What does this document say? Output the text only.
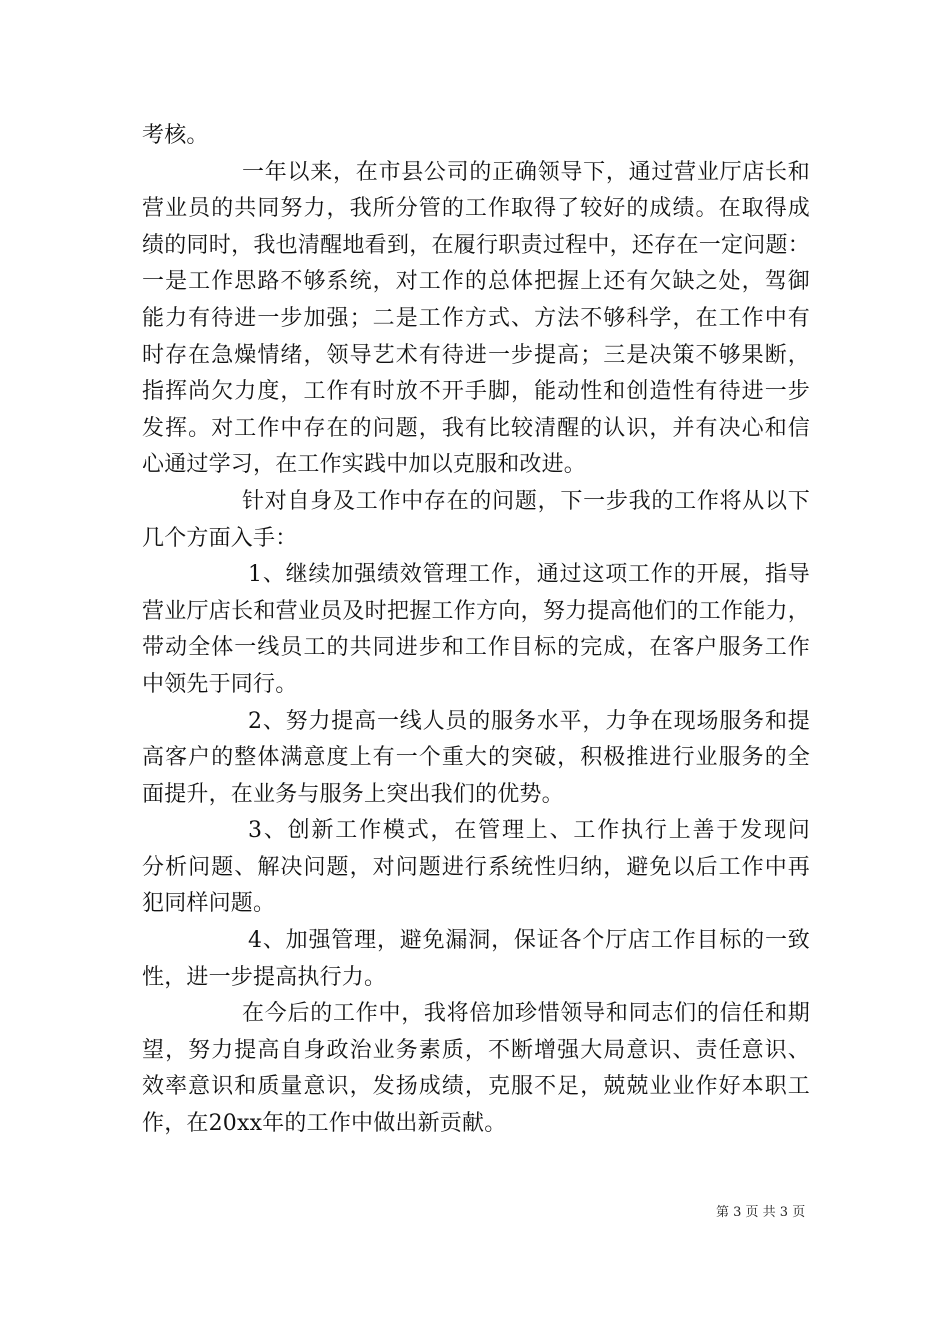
考核。
一年以来，在市县公司的正确领导下，通过营业厅店长和
营业员的共同努力，我所分管的工作取得了较好的成绩。在取得成
绩的同时，我也清醒地看到，在履行职责过程中，还存在一定问题：
一是工作思路不够系统，对工作的总体把握上还有欠缺之处，驾御
能力有待进一步加强；二是工作方式、方法不够科学，在工作中有
时存在急燥情绪，领导艺术有待进一步提高；三是决策不够果断，
指挥尚欠力度，工作有时放不开手脚，能动性和创造性有待进一步
发挥。对工作中存在的问题，我有比较清醒的认识，并有决心和信
心通过学习，在工作实践中加以克服和改进。
针对自身及工作中存在的问题，下一步我的工作将从以下
几个方面入手：
1、继续加强绩效管理工作，通过这项工作的开展，指导
营业厅店长和营业员及时把握工作方向，努力提高他们的工作能力，
带动全体一线员工的共同进步和工作目标的完成，在客户服务工作
中领先于同行。
2、努力提高一线人员的服务水平，力争在现场服务和提
高客户的整体满意度上有一个重大的突破，积极推进行业服务的全
面提升，在业务与服务上突出我们的优势。
3、创新工作模式，在管理上、工作执行上善于发现问
分析问题、解决问题，对问题进行系统性归纳，避免以后工作中再
犯同样问题。
4、加强管理，避免漏洞，保证各个厅店工作目标的一致
性，进一步提高执行力。
在今后的工作中，我将倍加珍惜领导和同志们的信任和期
望，努力提高自身政治业务素质，不断增强大局意识、责任意识、
效率意识和质量意识，发扬成绩，克服不足，兢兢业业作好本职工
作，在20xx年的工作中做出新贡献。
第 3 页 共 3 页
